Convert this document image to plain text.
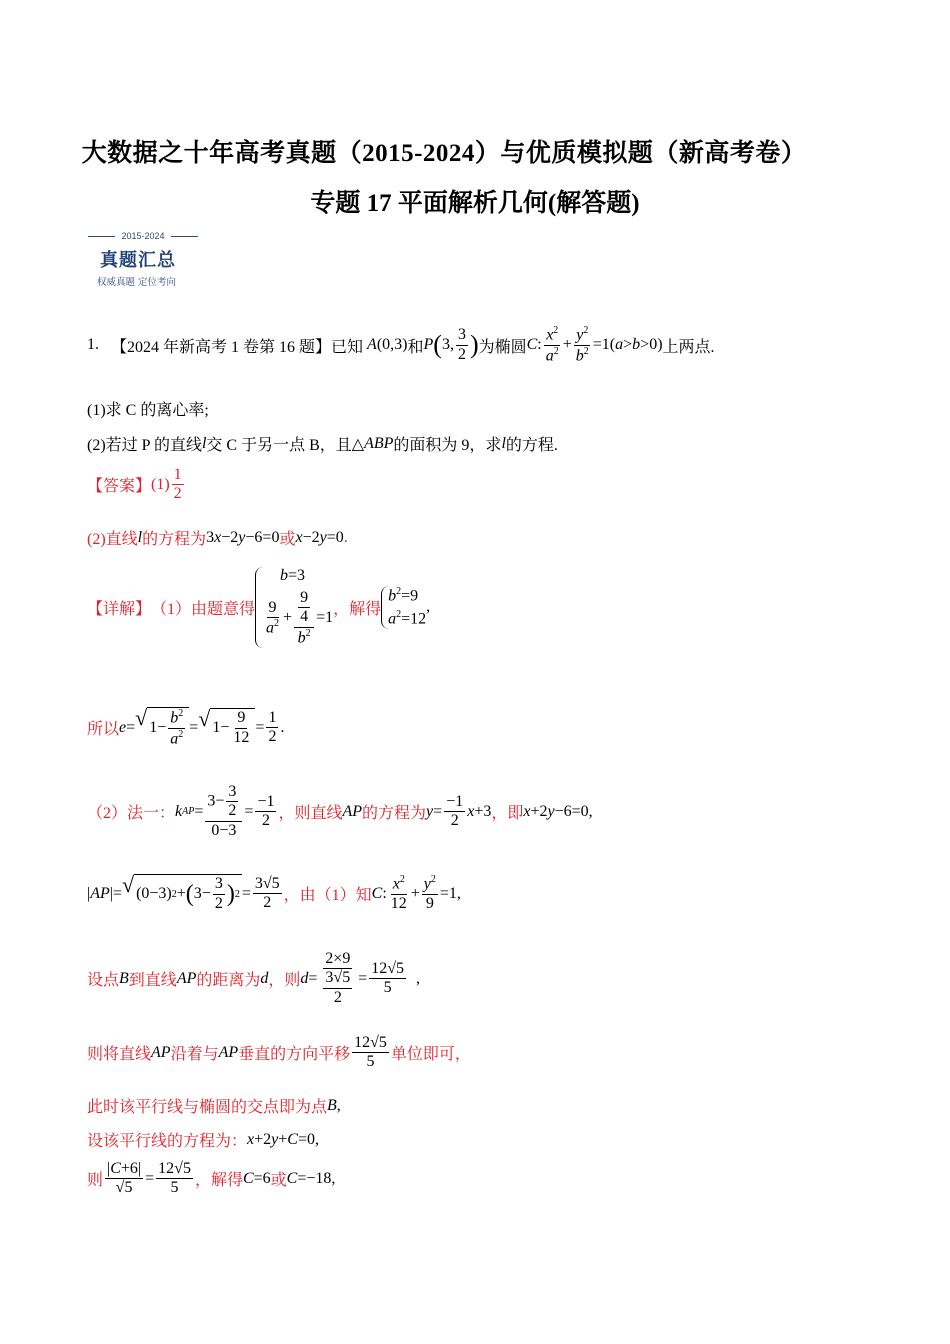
大数据之十年高考真题（2015-2024）与优质模拟题（新高考卷）
专题 17 平面解析几何(解答题)
2015-2024
真题汇总
权威真题 定位考向
1.
【2024 年新高考 1 卷第 16 题】 已知 A (0,3) 和 P ( 3, $\frac{3}{2}$ ) 为椭圆 C : $\frac{x^2}{a^2} + \frac{y^2}{b^2} =1$( a > b >0) 上两点.
(1)求 C 的离心率;
(2)若过 P 的直线 l 交 C 于另一点 B，且 △ ABP 的面积为 9，求 l 的方程.
【答案】 $(1) \frac{1}{2}$
(2)直线 l 的方程为 3x−2y−6=0 或 x−2y=0 .
【详解】 （1）由题意得
b=3
$\frac{9}{a^2} + \frac{\frac{9}{4}}{b^2} =1$ ，解得
$b^2=9$
$a^2=12$
,
所以 e = √ $1- \frac{b^2}{a^2}$ = √ $1- \frac{9}{12} = \frac{1}{2}$ .
（2）法一： k AP = $\frac{3- \frac{3}{2}}{0-3} = \frac{-1}{2}$ ，则直线 AP 的方程为 $y = \frac{-1}{2}$ x +3 ，即 x +2 y −6=0,
| AP |= √ (0−3) 2 + ( $3- \frac{3}{2}$ ) $2 = \frac{3√5}{2}$ ，由（1）知 C : $\frac{x^2}{12} + \frac{y^2}{9} =1$,
设点 B 到直线 AP 的距离为 d ，则 $d = \frac{2\times 9}{\frac{3√5}{2}} = \frac{12√5}{5}$ ,
则将直线 AP 沿着与 AP 垂直的方向平移 $\frac{12√5}{5}$ 单位即可，
此时该平行线与椭圆的交点即为点 B ,
设该平行线的方程为： x +2 y + C =0,
则 $\frac{|C+6|}{√5} = \frac{12√5}{5}$ ，解得 C =6 或 C =−18,
